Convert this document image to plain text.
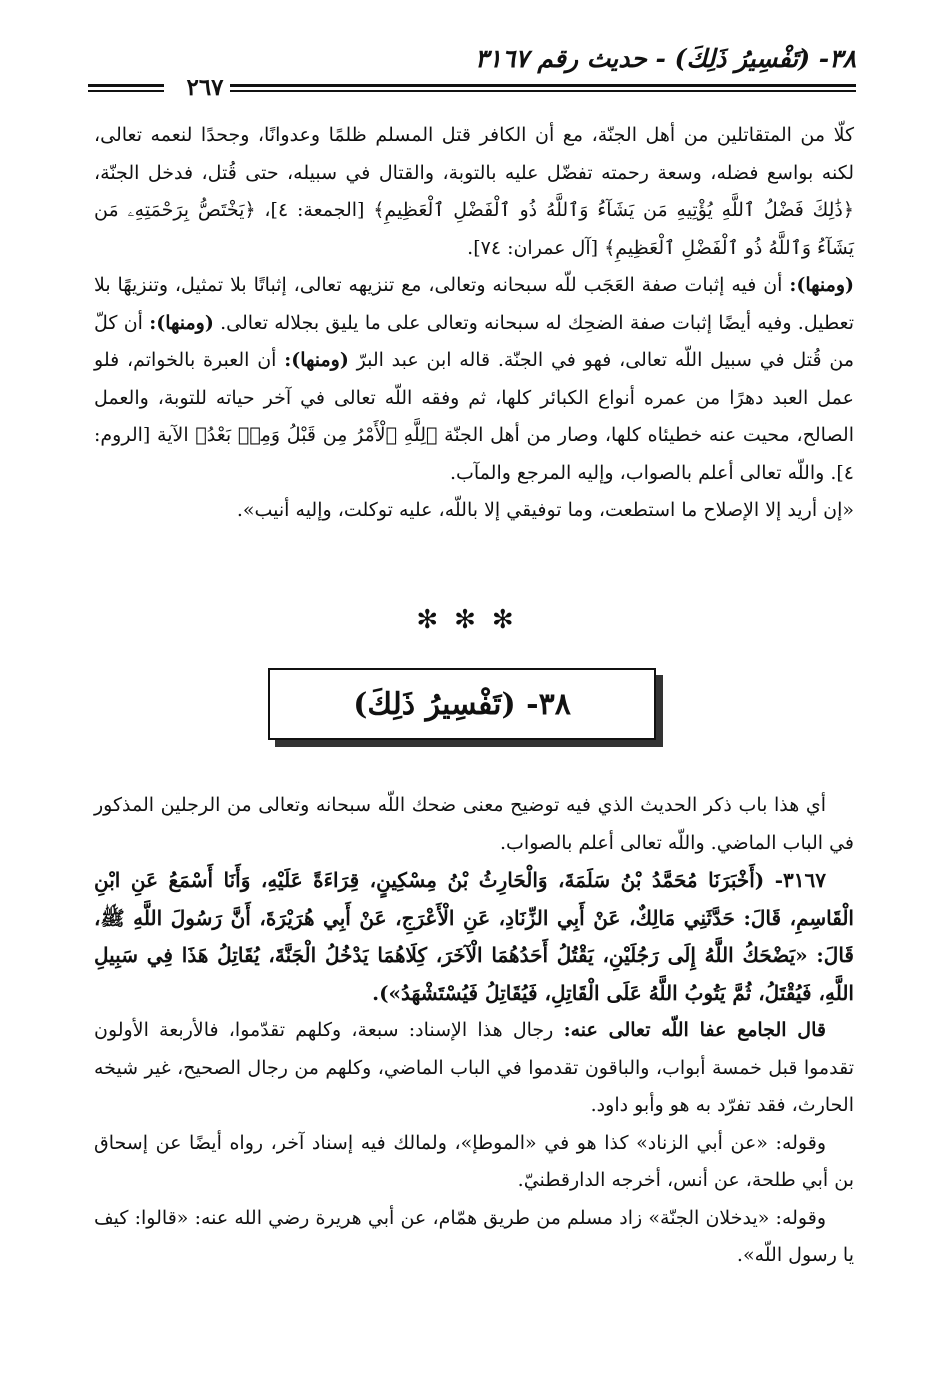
٣٨- (تَفْسِيرُ ذَلِكَ) - حديث رقم ٣١٦٧
٢٦٧

كلّا من المتقاتلين من أهل الجنّة، مع أن الكافر قتل المسلم ظلمًا وعدوانًا، وجحدًا لنعمه تعالى، لكنه بواسع فضله، وسعة رحمته تفضّل عليه بالتوبة، والقتال في سبيله، حتى قُتل، فدخل الجنّة، ﴿ذَٰلِكَ فَضْلُ ٱللَّهِ يُؤْتِيهِ مَن يَشَآءُ وَٱللَّهُ ذُو ٱلْفَضْلِ ٱلْعَظِيمِ﴾ [الجمعة: ٤]، ﴿يَخْتَصُّ بِرَحْمَتِهِۦ مَن يَشَآءُ وَٱللَّهُ ذُو ٱلْفَضْلِ ٱلْعَظِيمِ﴾ [آل عمران: ٧٤].

(ومنها): أن فيه إثبات صفة العَجَب للّه سبحانه وتعالى، مع تنزيهه تعالى، إثباتًا بلا تمثيل، وتنزيهًا بلا تعطيل. وفيه أيضًا إثبات صفة الضحِك له سبحانه وتعالى على ما يليق بجلاله تعالى. (ومنها): أن كلّ من قُتل في سبيل اللّه تعالى، فهو في الجنّة. قاله ابن عبد البرّ (ومنها): أن العبرة بالخواتم، فلو عمل العبد دهرًا من عمره أنواع الكبائر كلها، ثم وفقه اللّه تعالى في آخر حياته للتوبة، والعمل الصالح، محيت عنه خطيئاه كلها، وصار من أهل الجنّة ﴿لِلَّهِ ٱلْأَمْرُ مِن قَبْلُ وَمِنۢ بَعْدُ﴾ الآية [الروم: ٤]. واللّه تعالى أعلم بالصواب، وإليه المرجع والمآب.

«إن أريد إلا الإصلاح ما استطعت، وما توفيقي إلا باللّه، عليه توكلت، وإليه أنيب».

✻✻✻
٣٨- (تَفْسِيرُ ذَلِكَ)

أي هذا باب ذكر الحديث الذي فيه توضيح معنى ضحك اللّه سبحانه وتعالى من الرجلين المذكور في الباب الماضي. واللّه تعالى أعلم بالصواب.

٣١٦٧- (أَخْبَرَنَا مُحَمَّدُ بْنُ سَلَمَةَ، وَالْحَارِثُ بْنُ مِسْكِينٍ، قِرَاءَةً عَلَيْهِ، وَأَنَا أَسْمَعُ عَنِ ابْنِ الْقَاسِمِ، قَالَ: حَدَّثَنِي مَالِكٌ، عَنْ أَبِي الزِّنَادِ، عَنِ الْأَعْرَجِ، عَنْ أَبِي هُرَيْرَةَ، أَنَّ رَسُولَ اللَّهِ ﷺ، قَالَ: «يَضْحَكُ اللَّهُ إِلَى رَجُلَيْنِ، يَقْتُلُ أَحَدُهُمَا الْآخَرَ، كِلَاهُمَا يَدْخُلُ الْجَنَّةَ، يُقَاتِلُ هَذَا فِي سَبِيلِ اللَّهِ، فَيُقْتَلُ، ثُمَّ يَتُوبُ اللَّهُ عَلَى الْقَاتِلِ، فَيُقَاتِلُ فَيُسْتَشْهَدُ»).

قال الجامع عفا اللّه تعالى عنه: رجال هذا الإسناد: سبعة، وكلهم تقدّموا، فالأربعة الأولون تقدموا قبل خمسة أبواب، والباقون تقدموا في الباب الماضي، وكلهم من رجال الصحيح، غير شيخه الحارث، فقد تفرّد به هو وأبو داود.

وقوله: «عن أبي الزناد» كذا هو في «الموطإ»، ولمالك فيه إسناد آخر، رواه أيضًا عن إسحاق بن أبي طلحة، عن أنس، أخرجه الدارقطنيّ.

وقوله: «يدخلان الجنّة» زاد مسلم من طريق همّام، عن أبي هريرة رضي الله عنه: «قالوا: كيف يا رسول اللّه».
